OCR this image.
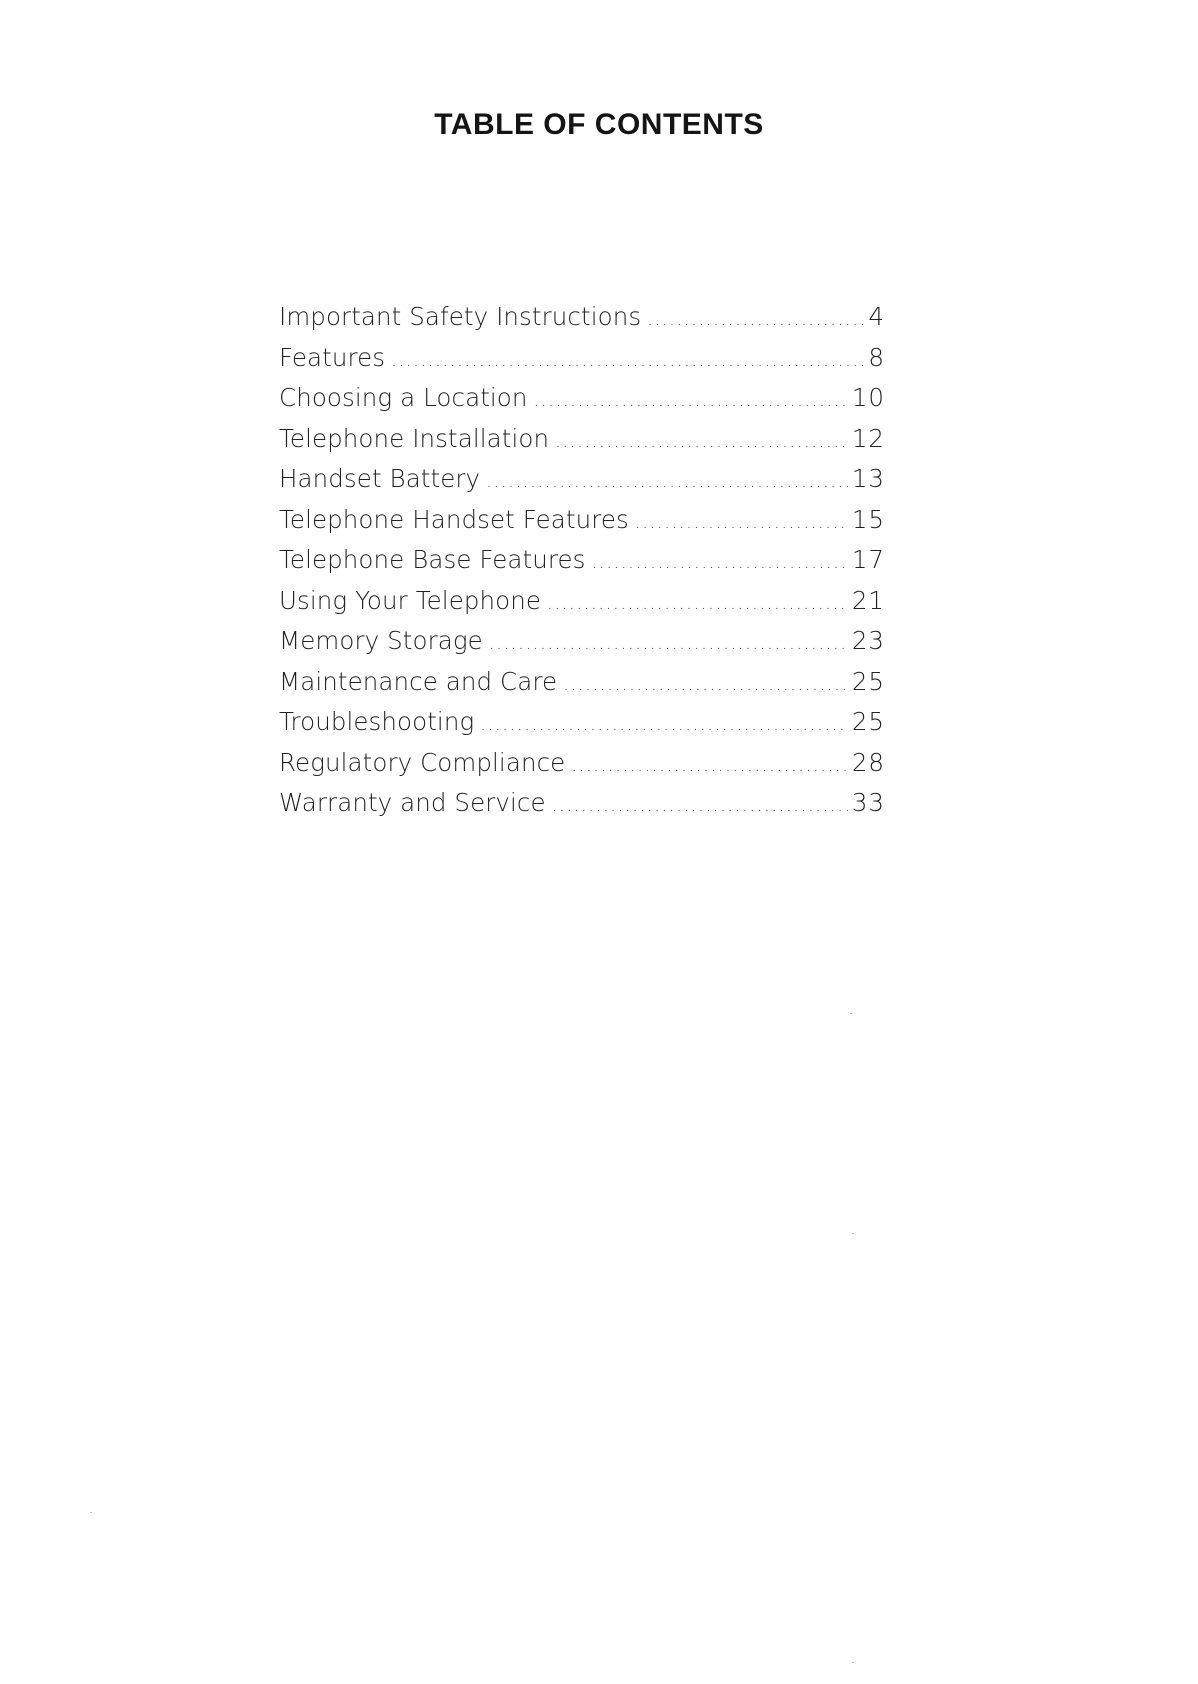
TABLE OF CONTENTS
Important Safety Instructions .....	4
Features .....	8
Choosing a Location .....	10
Telephone Installation .....	12
Handset Battery .....	13
Telephone Handset Features .....	15
Telephone Base Features .....	17
Using Your Telephone .....	21
Memory Storage .....	23
Maintenance and Care .....	25
Troubleshooting .....	25
Regulatory Compliance .....	28
Warranty and Service .....	33
